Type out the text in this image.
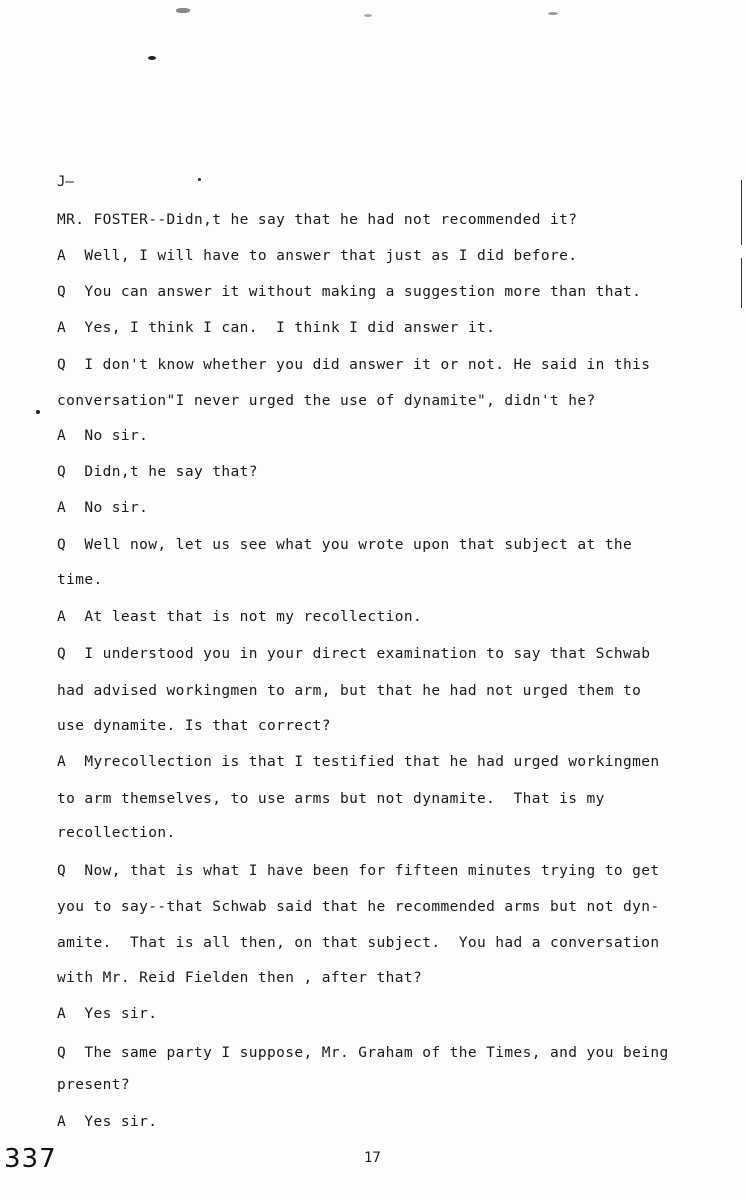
J—
MR. FOSTER--Didn,t he say that he had not recommended it?
A  Well, I will have to answer that just as I did before.
Q  You can answer it without making a suggestion more than that.
A  Yes, I think I can.  I think I did answer it.
Q  I don't know whether you did answer it or not. He said in this
conversation"I never urged the use of dynamite", didn't he?
A  No sir.
Q  Didn,t he say that?
A  No sir.
Q  Well now, let us see what you wrote upon that subject at the
time.
A  At least that is not my recollection.
Q  I understood you in your direct examination to say that Schwab
had advised workingmen to arm, but that he had not urged them to
use dynamite. Is that correct?
A  Myrecollection is that I testified that he had urged workingmen
to arm themselves, to use arms but not dynamite.  That is my
recollection.
Q  Now, that is what I have been for fifteen minutes trying to get
you to say--that Schwab said that he recommended arms but not dyn-
amite.  That is all then, on that subject.  You had a conversation
with Mr. Reid Fielden then , after that?
A  Yes sir.
Q  The same party I suppose, Mr. Graham of the Times, and you being
present?
A  Yes sir.
337	17
